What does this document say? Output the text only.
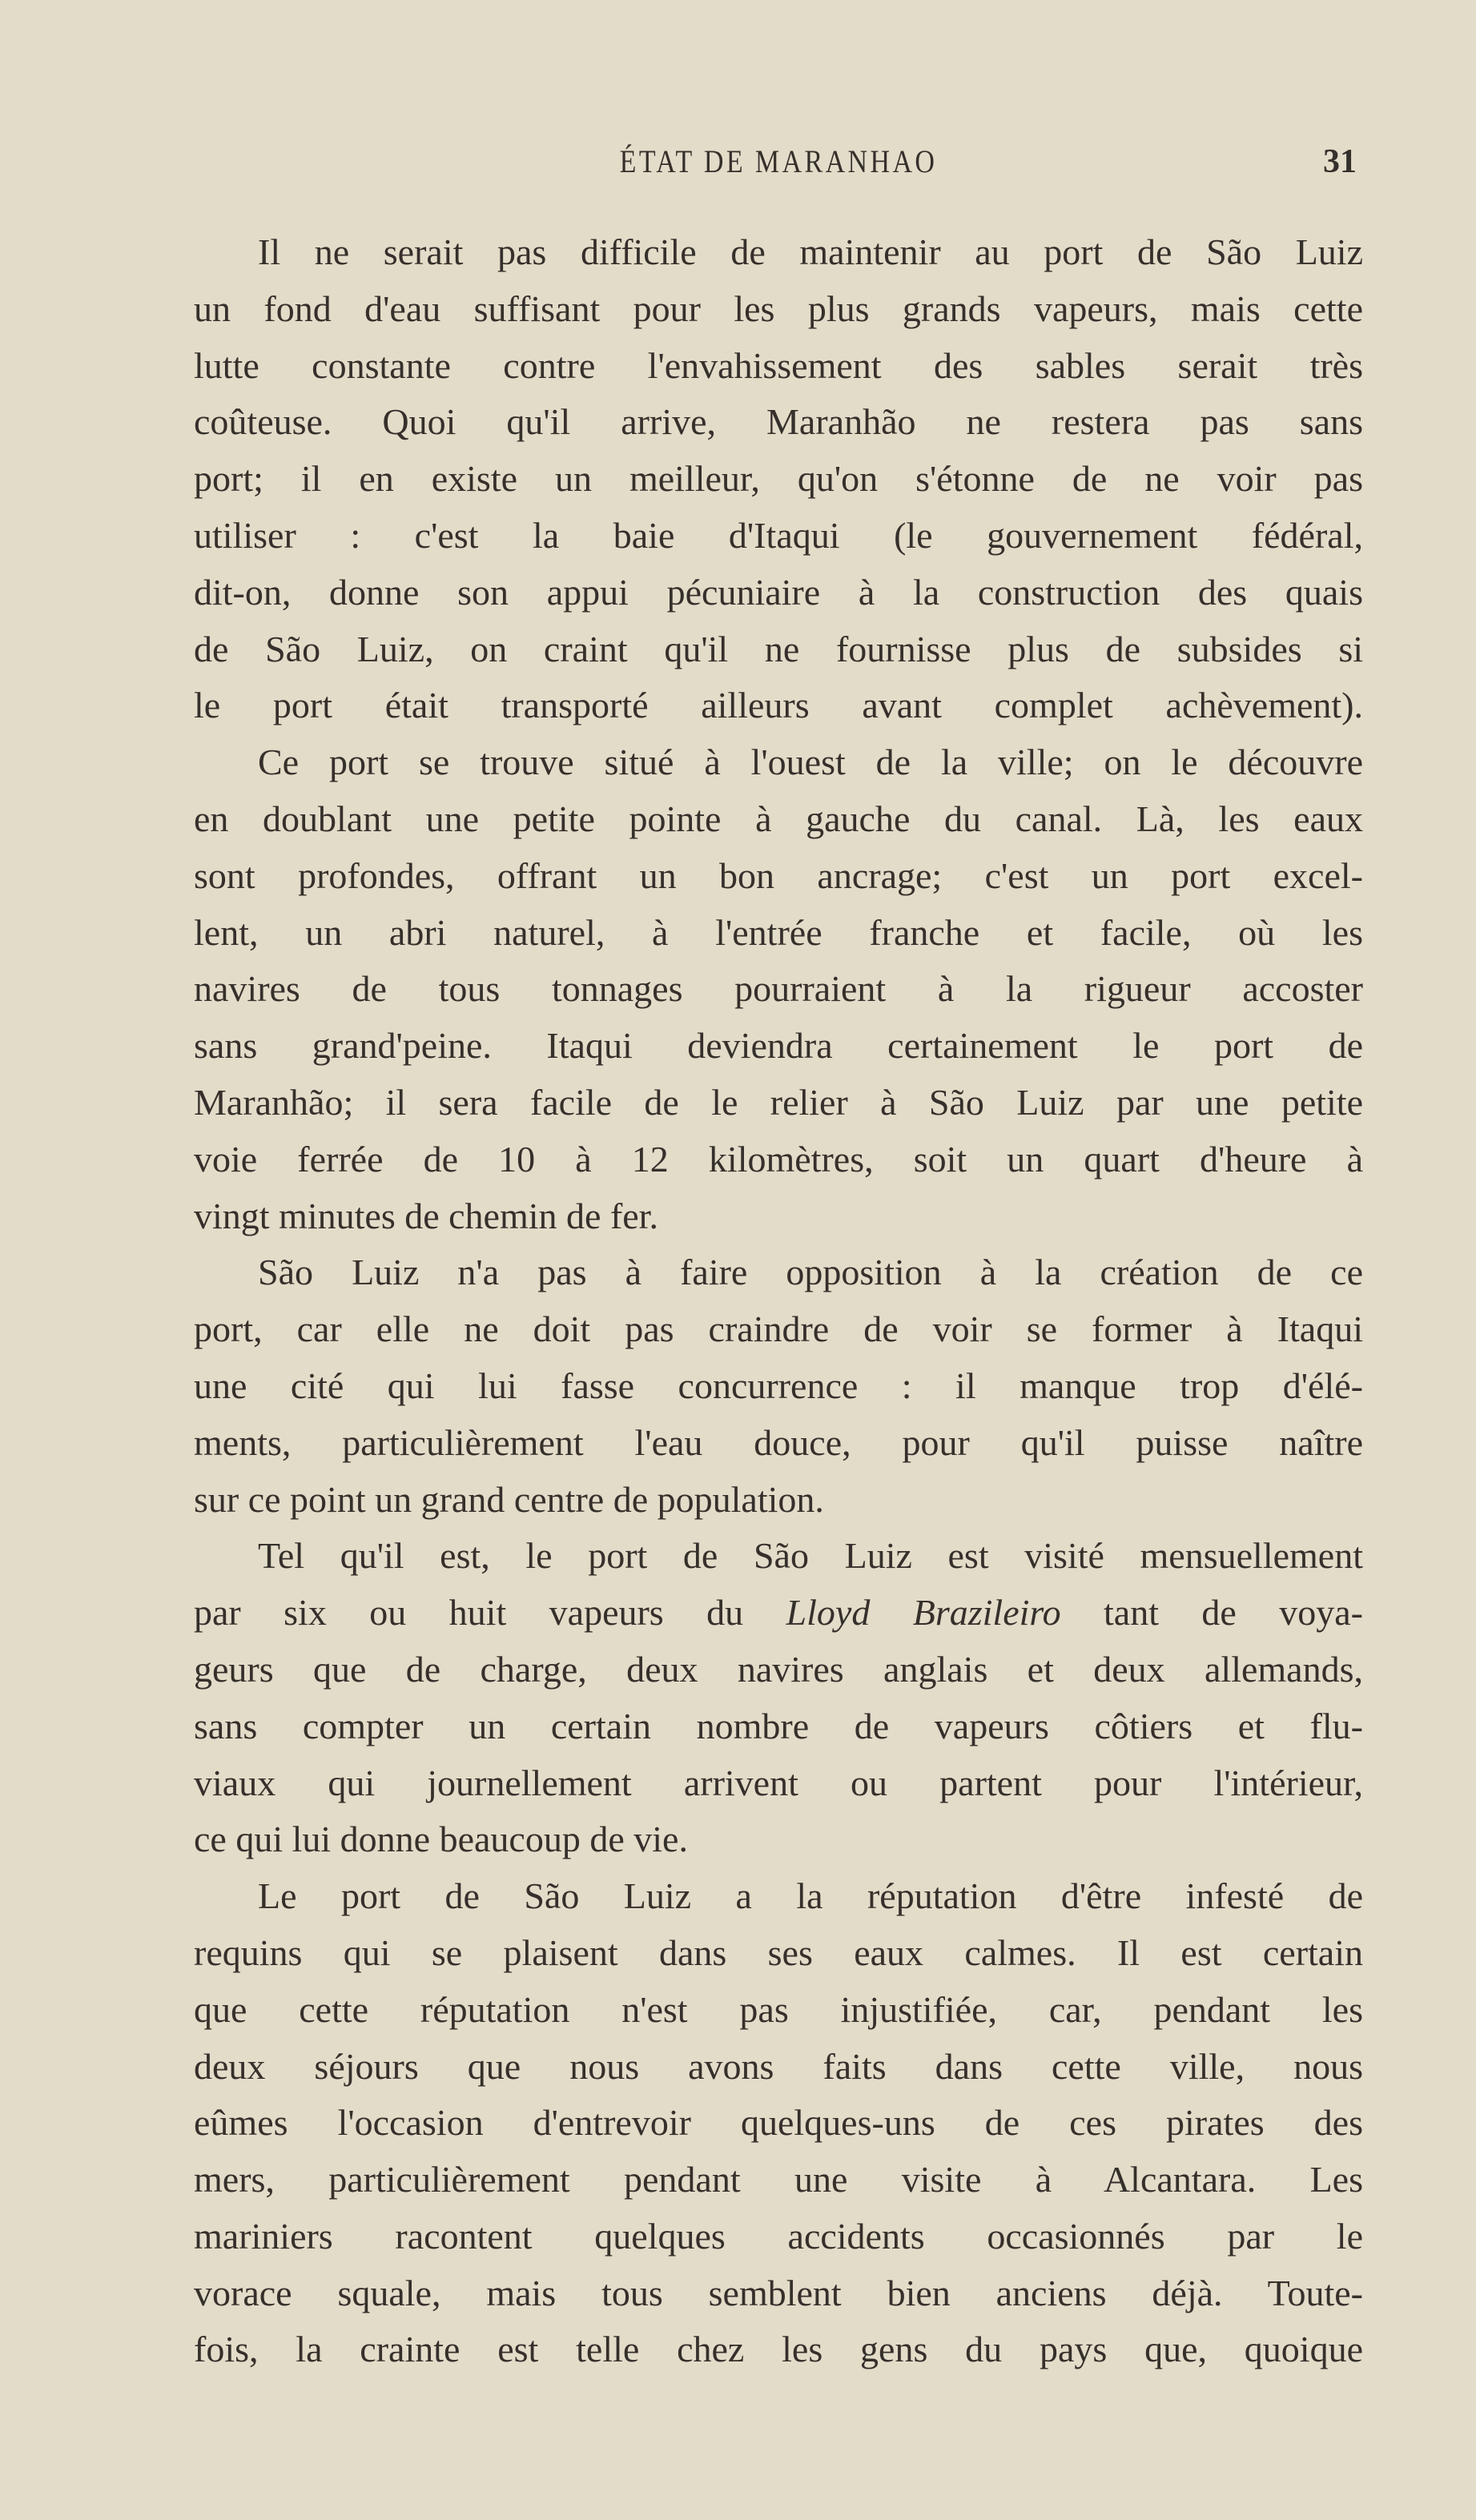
ÉTAT DE MARANHAO	31
Il ne serait pas difficile de maintenir au port de São Luiz
un fond d'eau suffisant pour les plus grands vapeurs, mais cette
lutte constante contre l'envahissement des sables serait très
coûteuse. Quoi qu'il arrive, Maranhão ne restera pas sans
port; il en existe un meilleur, qu'on s'étonne de ne voir pas
utiliser : c'est la baie d'Itaqui (le gouvernement fédéral,
dit-on, donne son appui pécuniaire à la construction des quais
de São Luiz, on craint qu'il ne fournisse plus de subsides si
le port était transporté ailleurs avant complet achèvement).
Ce port se trouve situé à l'ouest de la ville; on le découvre
en doublant une petite pointe à gauche du canal. Là, les eaux
sont profondes, offrant un bon ancrage; c'est un port excel-
lent, un abri naturel, à l'entrée franche et facile, où les
navires de tous tonnages pourraient à la rigueur accoster
sans grand'peine. Itaqui deviendra certainement le port de
Maranhão; il sera facile de le relier à São Luiz par une petite
voie ferrée de 10 à 12 kilomètres, soit un quart d'heure à
vingt minutes de chemin de fer.
São Luiz n'a pas à faire opposition à la création de ce
port, car elle ne doit pas craindre de voir se former à Itaqui
une cité qui lui fasse concurrence : il manque trop d'élé-
ments, particulièrement l'eau douce, pour qu'il puisse naître
sur ce point un grand centre de population.
Tel qu'il est, le port de São Luiz est visité mensuellement
par six ou huit vapeurs du Lloyd Brazileiro tant de voya-
geurs que de charge, deux navires anglais et deux allemands,
sans compter un certain nombre de vapeurs côtiers et flu-
viaux qui journellement arrivent ou partent pour l'intérieur,
ce qui lui donne beaucoup de vie.
Le port de São Luiz a la réputation d'être infesté de
requins qui se plaisent dans ses eaux calmes. Il est certain
que cette réputation n'est pas injustifiée, car, pendant les
deux séjours que nous avons faits dans cette ville, nous
eûmes l'occasion d'entrevoir quelques-uns de ces pirates des
mers, particulièrement pendant une visite à Alcantara. Les
mariniers racontent quelques accidents occasionnés par le
vorace squale, mais tous semblent bien anciens déjà. Toute-
fois, la crainte est telle chez les gens du pays que, quoique
